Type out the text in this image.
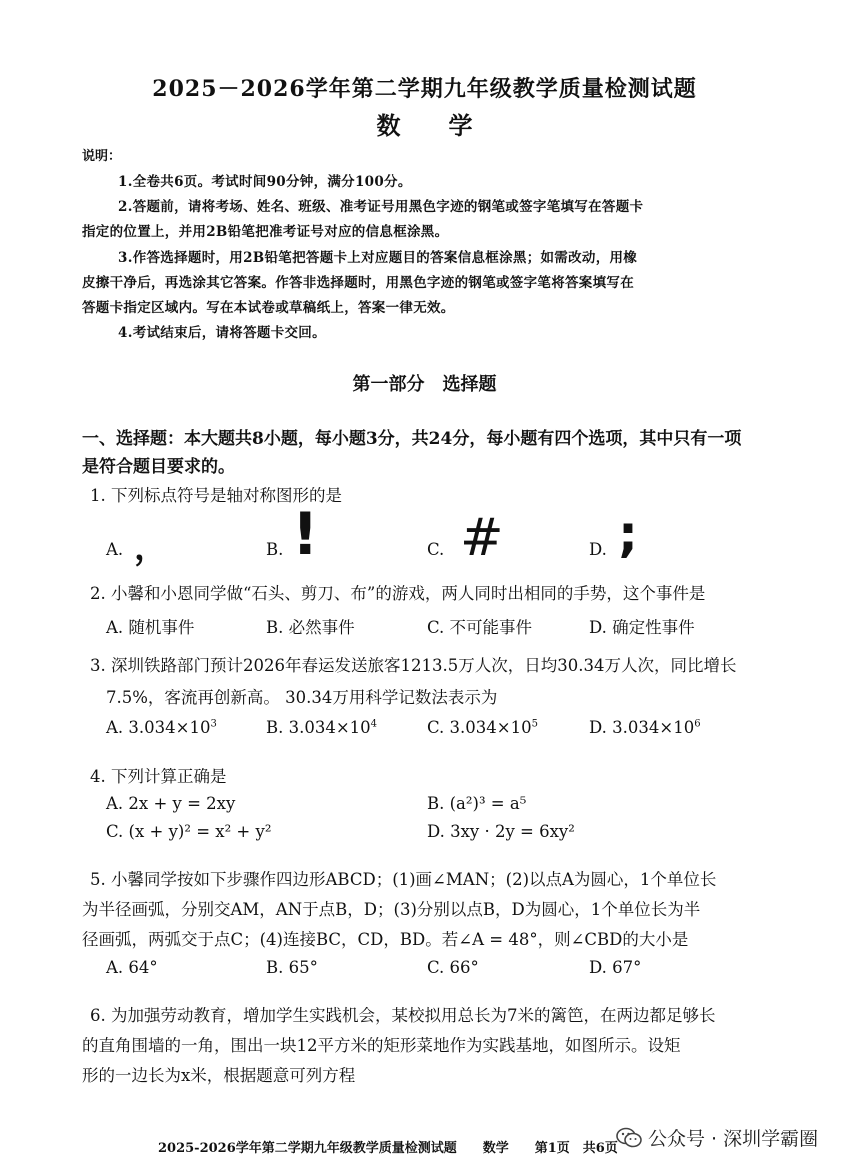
2025－2026学年第二学期九年级教学质量检测试题
数 学
说明：
1.全卷共6页。考试时间90分钟，满分100分。
2.答题前，请将考场、姓名、班级、准考证号用黑色字迹的钢笔或签字笔填写在答题卡
指定的位置上，并用2B铅笔把准考证号对应的信息框涂黑。
3.作答选择题时，用2B铅笔把答题卡上对应题目的答案信息框涂黑；如需改动，用橡
皮擦干净后，再选涂其它答案。作答非选择题时，用黑色字迹的钢笔或签字笔将答案填写在
答题卡指定区域内。写在本试卷或草稿纸上，答案一律无效。
4.考试结束后，请将答题卡交回。
第一部分　选择题
一、选择题：本大题共8小题，每小题3分，共24分，每小题有四个选项，其中只有一项
是符合题目要求的。
1. 下列标点符号是轴对称图形的是
A. ，	B. !	C. #	D. ;
2. 小馨和小恩同学做“石头、剪刀、布”的游戏，两人同时出相同的手势，这个事件是
A. 随机事件	B. 必然事件	C. 不可能事件	D. 确定性事件
3. 深圳铁路部门预计2026年春运发送旅客1213.5万人次，日均30.34万人次，同比增长
7.5%，客流再创新高。 30.34万用科学记数法表示为
A. $3.034\times 10^3$	B. $3.034\times 10^4$	C. $3.034\times 10^5$	D. $3.034\times 10^6$
4. 下列计算正确是
A. 2x + y = 2xy	B. (a²)³ = a⁵
C. (x + y)² = x² + y²	D. 3xy · 2y = 6xy²
5. 小馨同学按如下步骤作四边形ABCD；(1)画∠MAN；(2)以点A为圆心，1个单位长
为半径画弧，分别交AM，AN于点B，D；(3)分别以点B，D为圆心，1个单位长为半
径画弧，两弧交于点C；(4)连接BC，CD，BD。若∠A = 48°，则∠CBD的大小是
A. 64°	B. 65°	C. 66°	D. 67°
6. 为加强劳动教育，增加学生实践机会，某校拟用总长为7米的篱笆，在两边都足够长
的直角围墙的一角，围出一块12平方米的矩形菜地作为实践基地，如图所示。设矩
形的一边长为x米，根据题意可列方程
2025-2026学年第二学期九年级教学质量检测试题　　数学　　第1页　共6页	公众号 · 深圳学霸圈
